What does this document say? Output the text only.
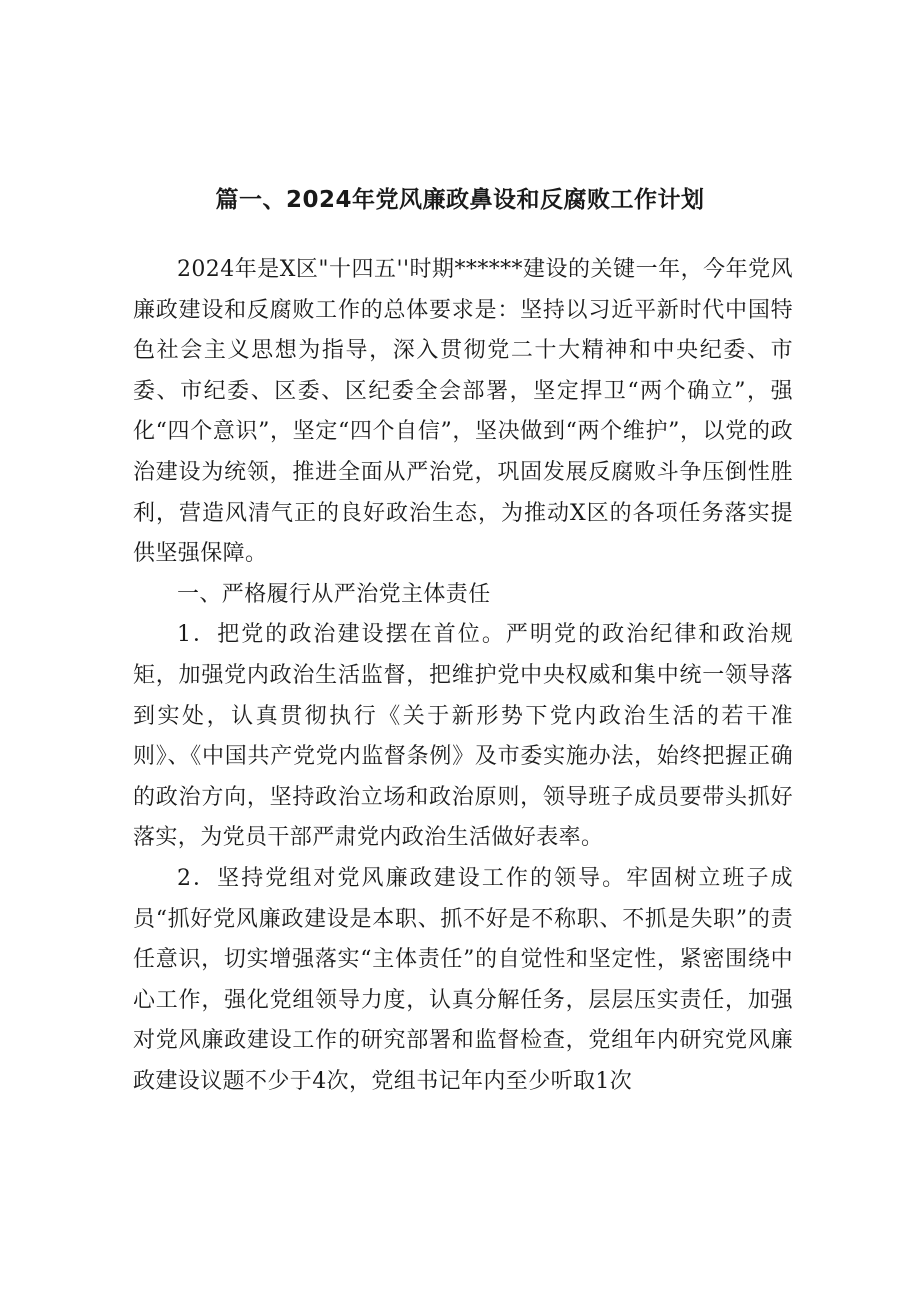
篇一、2024年党风廉政鼻设和反腐败工作计划

2024年是X区"十四五''时期******建设的关键一年，今年党风廉政建设和反腐败工作的总体要求是：坚持以习近平新时代中国特色社会主义思想为指导，深入贯彻党二十大精神和中央纪委、市委、市纪委、区委、区纪委全会部署，坚定捍卫“两个确立”，强化“四个意识”，坚定“四个自信”，坚决做到“两个维护”，以党的政治建设为统领，推进全面从严治党，巩固发展反腐败斗争压倒性胜利，营造风清气正的良好政治生态，为推动X区的各项任务落实提供坚强保障。

一、严格履行从严治党主体责任

1．把党的政治建设摆在首位。严明党的政治纪律和政治规矩，加强党内政治生活监督，把维护党中央权威和集中统一领导落到实处，认真贯彻执行《关于新形势下党内政治生活的若干准则》、《中国共产党党内监督条例》及市委实施办法，始终把握正确的政治方向，坚持政治立场和政治原则，领导班子成员要带头抓好落实，为党员干部严肃党内政治生活做好表率。

2．坚持党组对党风廉政建设工作的领导。牢固树立班子成员“抓好党风廉政建设是本职、抓不好是不称职、不抓是失职”的责任意识，切实增强落实“主体责任”的自觉性和坚定性，紧密围绕中心工作，强化党组领导力度，认真分解任务，层层压实责任，加强对党风廉政建设工作的研究部署和监督检查，党组年内研究党风廉政建设议题不少于4次，党组书记年内至少听取1次
